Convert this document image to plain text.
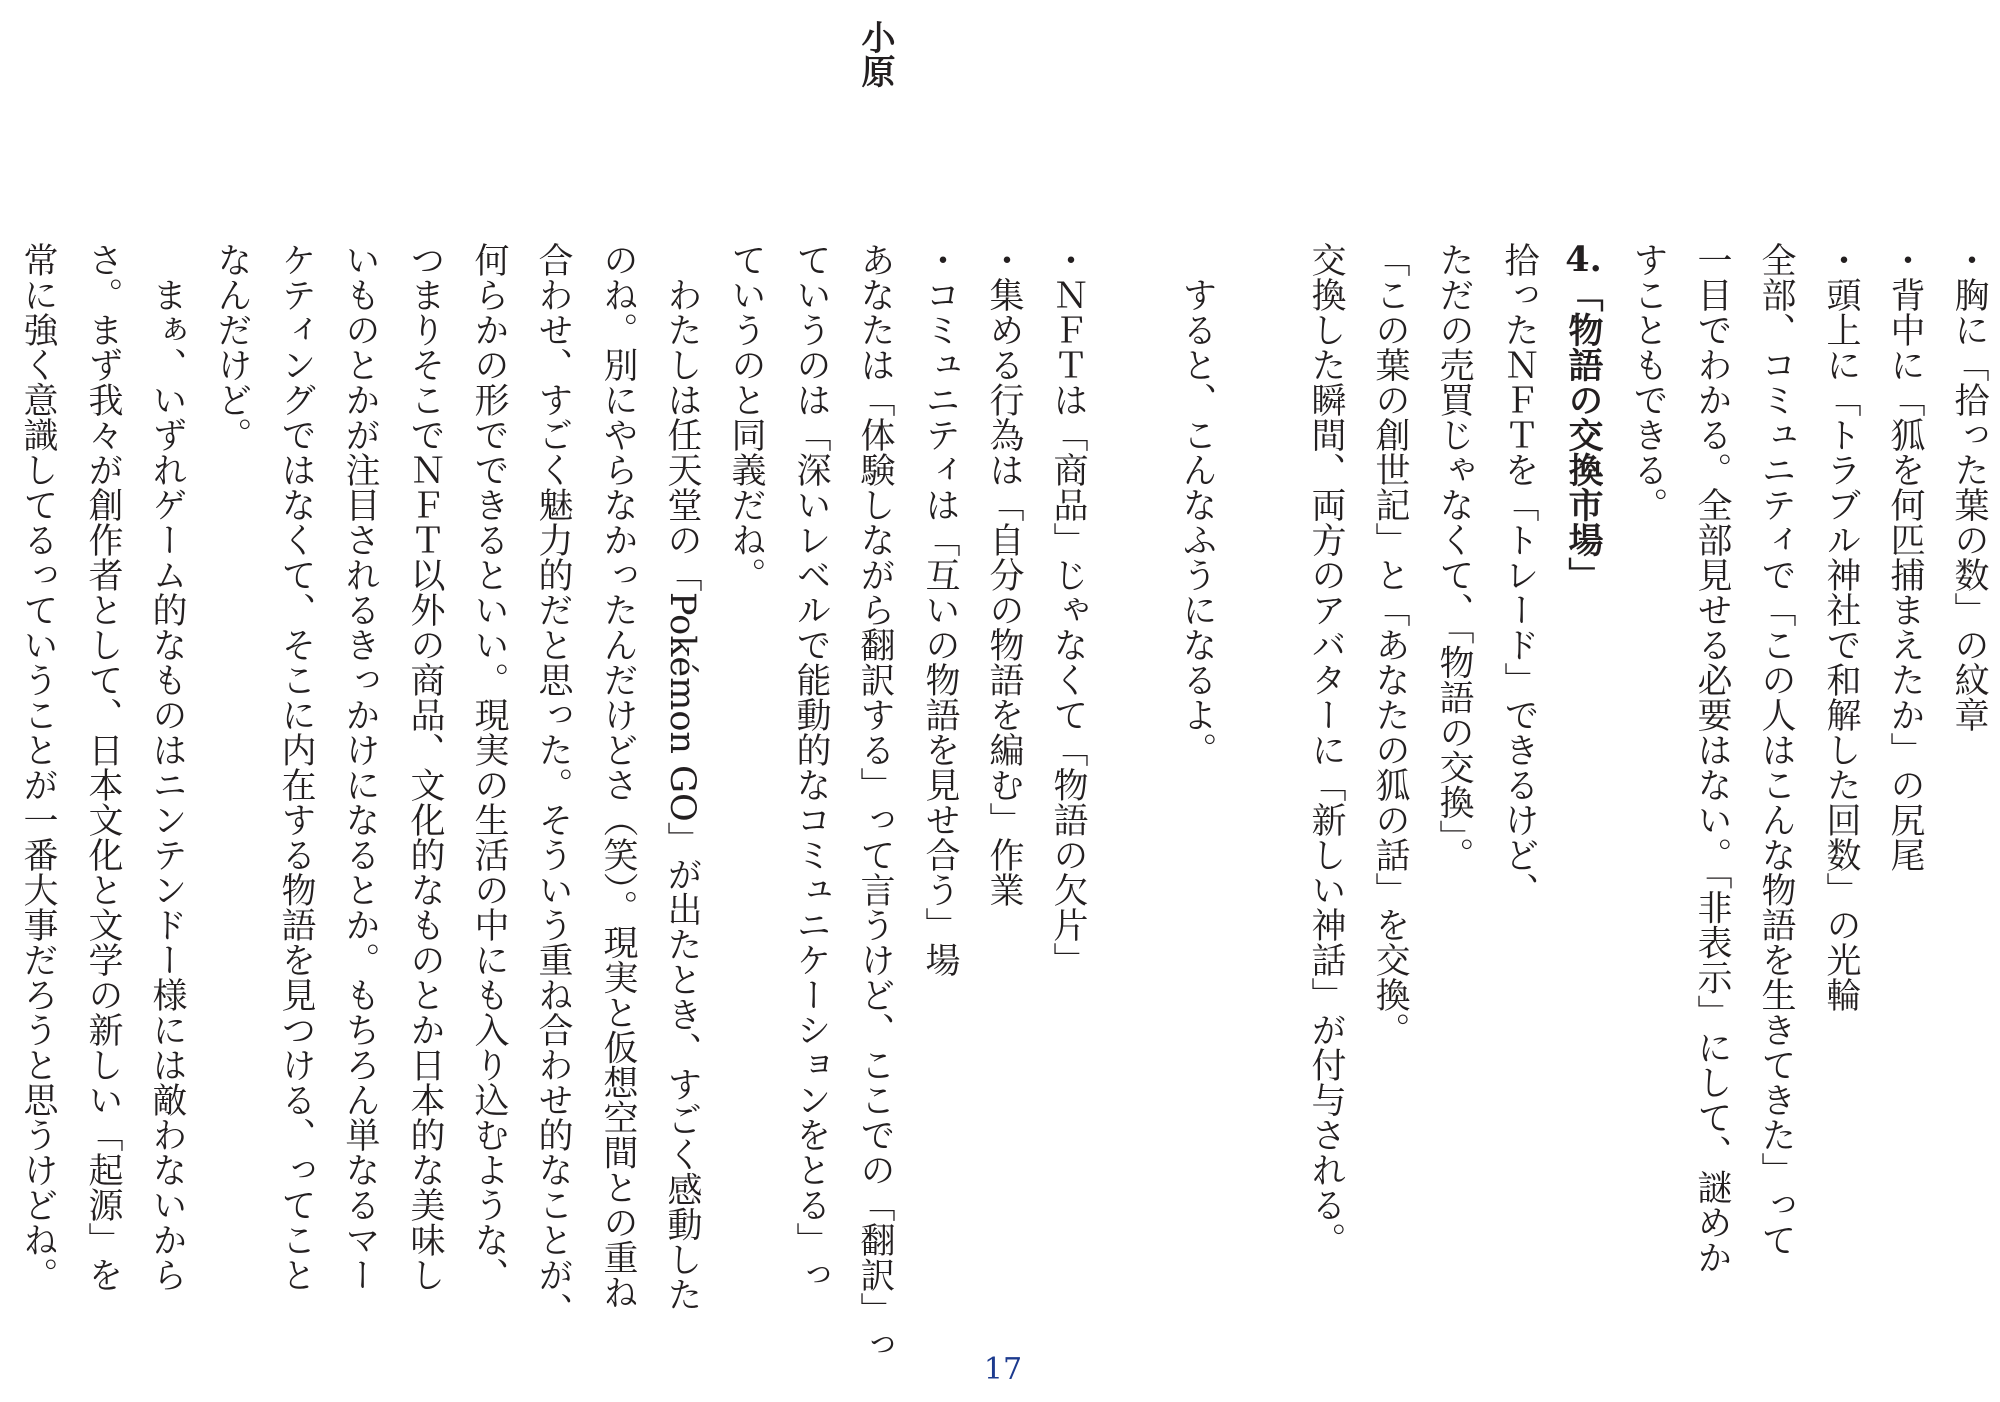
小原
・胸に「拾った葉の数」の紋章
・背中に「狐を何匹捕まえたか」の尻尾
・頭上に「トラブル神社で和解した回数」の光輪
全部、コミュニティで「この人はこんな物語を生きてきた」って
一目でわかる。全部見せる必要はない。「非表示」にして、謎めか
すこともできる。
4.「物語の交換市場」
拾ったＮＦＴを「トレード」できるけど、
ただの売買じゃなくて、「物語の交換」。
「この葉の創世記」と「あなたの狐の話」を交換。
交換した瞬間、両方のアバターに「新しい神話」が付与される。
すると、こんなふうになるよ。
・ＮＦＴは「商品」じゃなくて「物語の欠片」
・集める行為は「自分の物語を編む」作業
・コミュニティは「互いの物語を見せ合う」場
あなたは「体験しながら翻訳する」って言うけど、ここでの「翻訳」っ
ていうのは「深いレベルで能動的なコミュニケーションをとる」っ
ていうのと同義だね。
わたしは任天堂の「Pokémon GO」が出たとき、すごく感動した
のね。別にやらなかったんだけどさ（笑）。現実と仮想空間との重ね
合わせ、すごく魅力的だと思った。そういう重ね合わせ的なことが、
何らかの形でできるといい。現実の生活の中にも入り込むような、
つまりそこでＮＦＴ以外の商品、文化的なものとか日本的な美味し
いものとかが注目されるきっかけになるとか。もちろん単なるマー
ケティングではなくて、そこに内在する物語を見つける、ってこと
なんだけど。
まぁ、いずれゲーム的なものはニンテンドー様には敵わないから
さ。まず我々が創作者として、日本文化と文学の新しい「起源」を
常に強く意識してるっていうことが一番大事だろうと思うけどね。
17
